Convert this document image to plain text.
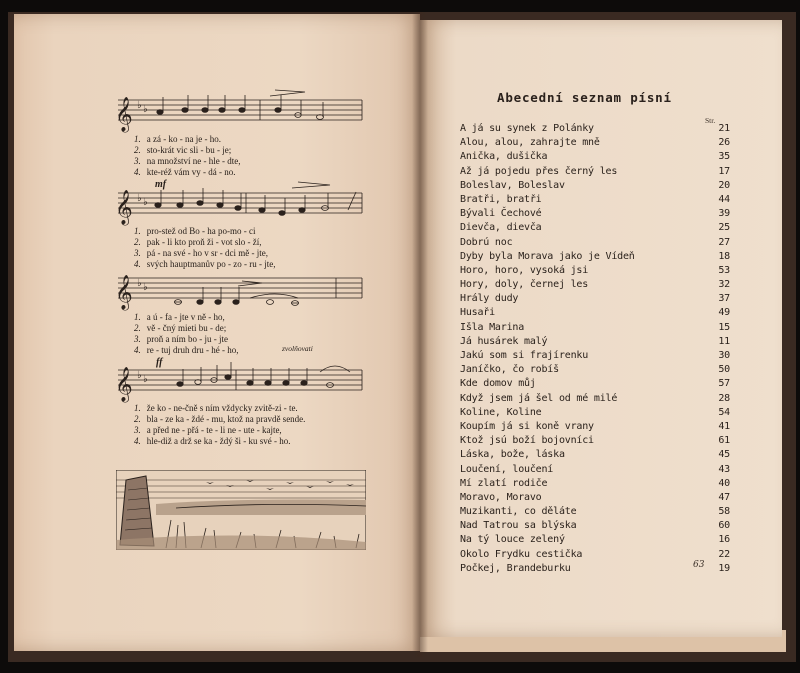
𝄞 ♭ ♭
𝄞 ♭ ♭
𝄞 ♭ ♭
𝄞 ♭ ♭
mf
ff
zvolňovati
1. a zá - ko - na je - ho.
2. sto-krát vic sli - bu - je;
3. na množství ne - hle - dte,
4. kte-réž vám vy - dá - no.
1. pro-stež od Bo - ha po-mo - ci
2. pak - li kto proň ži - vot slo - ží,
3. pá - na své - ho v sr - dci mě - jte,
4. svých hauptmanův po - zo - ru - jte,
1. a ú - fa - jte v ně - ho,
2. vě - čný mieti bu - de;
3. proň a ním bo - ju - jte
4. re - tuj druh dru - hé - ho,
1. že ko - ne-čně s ním vždycky zvitě-zi - te.
2. bla - ze ka - ždé - mu, ktož na pravdě sende.
3. a před ne - přá - te - li ne - ute - kajte,
4. hle-diž a drž se ka - ždý ši - ku své - ho.
Abecední seznam písní
Str.
A já su synek z Polánky	21
Alou, alou, zahrajte mně	26
Anička, dušička	35
Až já pojedu přes černý les	17
Boleslav, Boleslav	20
Bratři, bratři	44
Bývali Čechové	39
Dievča, dievča	25
Dobrú noc	27
Dyby byla Morava jako je Vídeň	18
Horo, horo, vysoká jsi	53
Hory, doly, černej les	32
Hrály dudy	37
Husaři	49
Išla Marina	15
Já husárek malý	11
Jakú som si frajírenku	30
Janíčko, čo robíš	50
Kde domov můj	57
Když jsem já šel od mé milé	28
Koline, Koline	54
Koupím já si koně vrany	41
Ktož jsú boží bojovníci	61
Láska, bože, láska	45
Loučení, loučení	43
Mí zlatí rodiče	40
Moravo, Moravo	47
Muzikanti, co děláte	58
Nad Tatrou sa blýska	60
Na tý louce zelený	16
Okolo Frydku cestička	22
Počkej, Brandeburku	19
63
